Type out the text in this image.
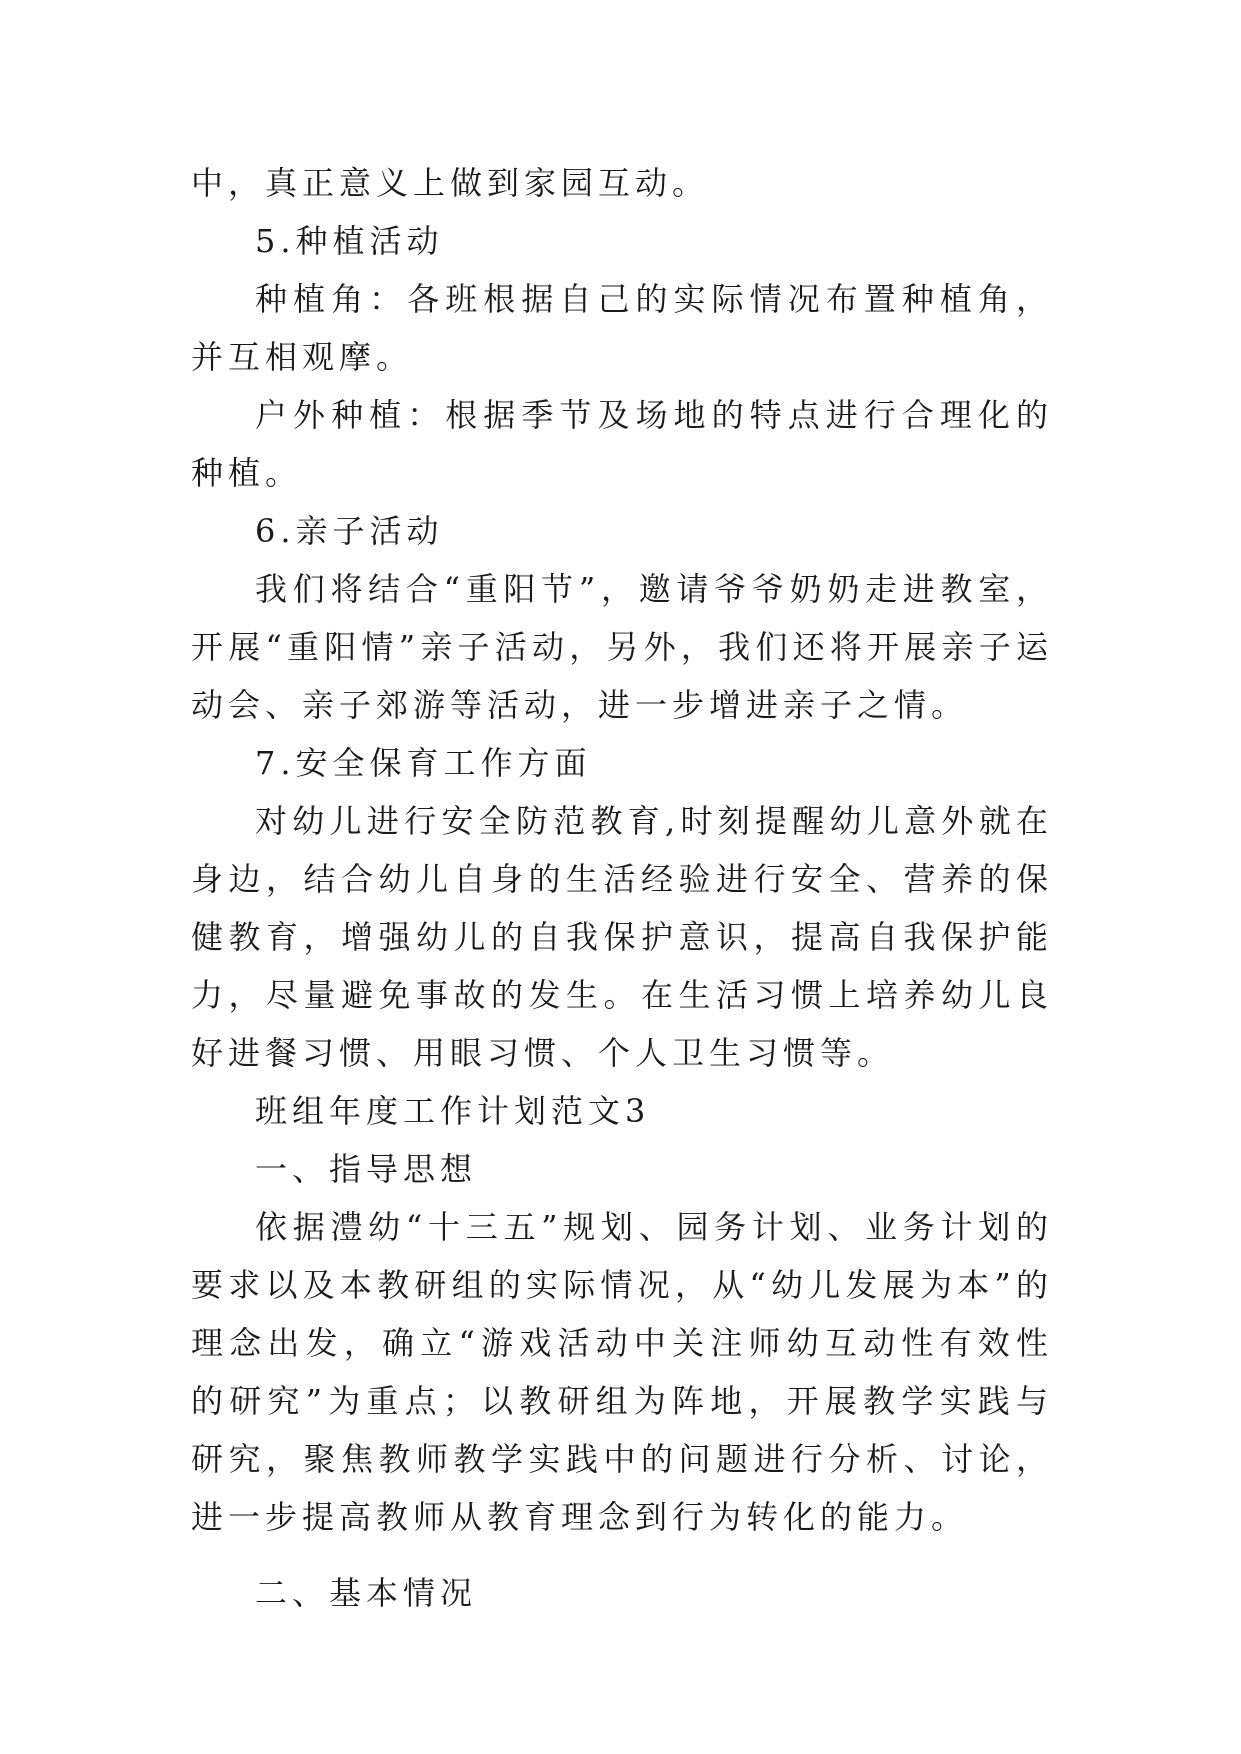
中，真正意义上做到家园互动。

5.种植活动

种植角：各班根据自己的实际情况布置种植角，并互相观摩。

户外种植：根据季节及场地的特点进行合理化的种植。

6.亲子活动

我们将结合“重阳节”，邀请爷爷奶奶走进教室，开展“重阳情”亲子活动，另外，我们还将开展亲子运动会、亲子郊游等活动，进一步增进亲子之情。

7.安全保育工作方面

对幼儿进行安全防范教育,时刻提醒幼儿意外就在身边，结合幼儿自身的生活经验进行安全、营养的保健教育，增强幼儿的自我保护意识，提高自我保护能力，尽量避免事故的发生。在生活习惯上培养幼儿良好进餐习惯、用眼习惯、个人卫生习惯等。

班组年度工作计划范文3

一、指导思想

依据澧幼“十三五”规划、园务计划、业务计划的要求以及本教研组的实际情况，从“幼儿发展为本”的理念出发，确立“游戏活动中关注师幼互动性有效性的研究”为重点；以教研组为阵地，开展教学实践与研究，聚焦教师教学实践中的问题进行分析、讨论，进一步提高教师从教育理念到行为转化的能力。

二、基本情况
